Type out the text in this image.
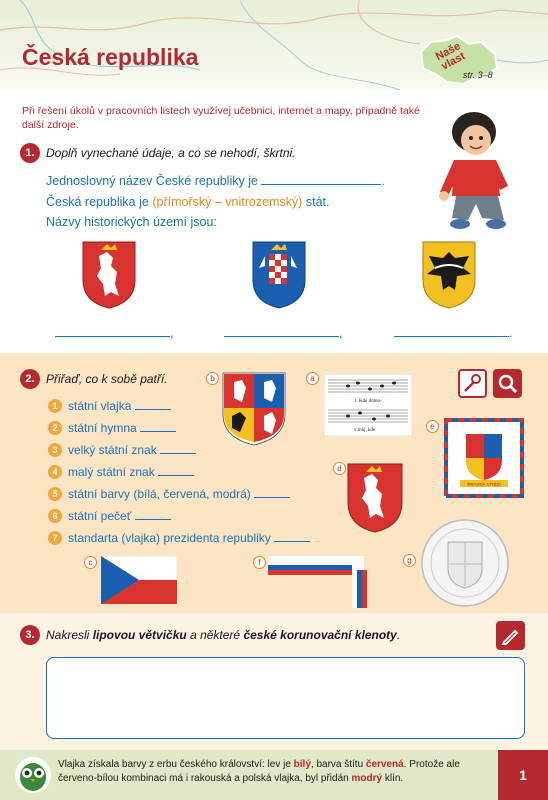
Česká republika	Naše vlast
str. 3–8
Při řešení úkolů v pracovních listech využívej učebnici, internet a mapy, případně také další zdroje.
1. Doplň vynechané údaje, a co se nehodí, škrtni.
Jednoslovný název České republiky je	.
Česká republika je (přímořský – vnitrozemský) stát.
Názvy historických území jsou:
,	,	.
2. Přiřaď, co k sobě patří.
1 státní vlajka
2 státní hymna
3 velký státní znak
4 malý státní znak
5 státní barvy (bílá, červená, modrá)
6 státní pečeť
7 standarta (vlajka) prezidenta republiky
b	a
e
d
c	f	g
1. Kde domo-
v můj, kde
PRAVDA VÍTĚZÍ
3. Nakresli lipovou větvičku a některé české korunovační klenoty.
Vlajka získala barvy z erbu českého království: lev je bílý, barva štítu červená. Protože ale červeno-bílou kombinaci má i rakouská a polská vlajka, byl přidán modrý klín.	1
